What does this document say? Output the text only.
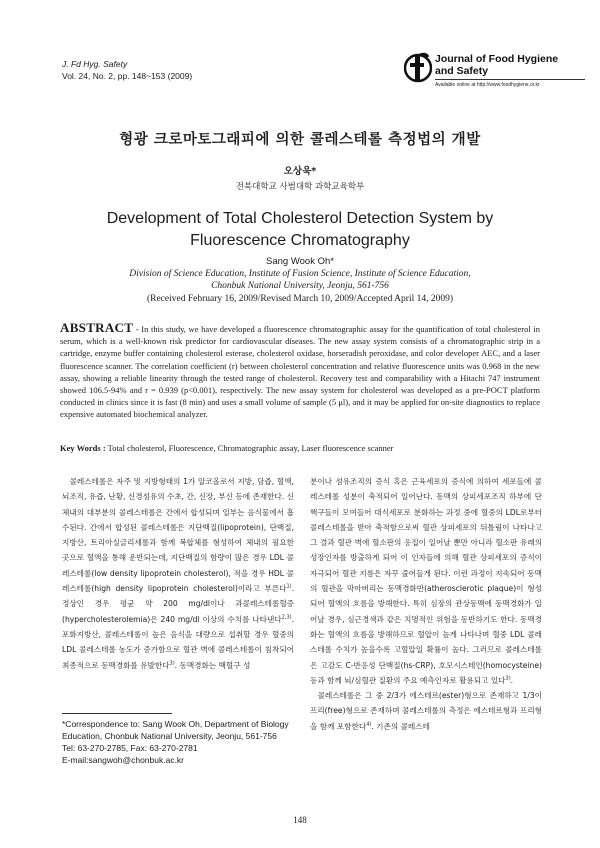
J. Fd Hyg. Safety
Vol. 24, No. 2, pp. 148~153 (2009)
Journal of Food Hygiene
and Safety
Available online at http://www.foodhygiene.or.kr
형광 크로마토그래피에 의한 콜레스테롤 측정법의 개발
오상욱*
전북대학교 사범대학 과학교육학부
Development of Total Cholesterol Detection System by
Fluorescence Chromatography
Sang Wook Oh*
Division of Science Education, Institute of Fusion Science, Institute of Science Education,
Chonbuk National University, Jeonju, 561-756
(Received February 16, 2009/Revised March 10, 2009/Accepted April 14, 2009)
ABSTRACT - In this study, we have developed a fluorescence chromatographic assay for the quantification of total cholesterol in serum, which is a well-known risk predictor for cardiovascular diseases. The new assay system consists of a chromatographic strip in a cartridge, enzyme buffer containing cholesterol esterase, cholesterol oxidase, horseradish peroxidase, and color developer AEC, and a laser fluorescence scanner. The correlation coefficient (r) between cholesterol concentration and relative fluorescence units was 0.968 in the new assay, showing a reliable linearity through the tested range of cholesterol. Recovery test and comparability with a Hitachi 747 instrument showed 106.5-94% and r = 0.939 (p<0.001), respectively. The new assay system for cholesterol was developed as a pre-POCT platform conducted in clinics since it is fast (8 min) and uses a small volume of sample (5 μl), and it may be applied for on-site diagnostics to replace expensive automated biochemical analyzer.
Key Words : Total cholesterol, Fluorescence, Chromatographic assay, Laser fluorescence scanner

콜레스테롤은 자주 및 지방형태의 1가 알코올로서 지방, 담즙, 혈액, 뇌조직, 유즙, 난황, 신경섬유의 수초, 간, 신장, 부신 등에 존재한다. 신체내의 대부분의 콜레스테롤은 간에서 합성되며 일부는 음식물에서 흡수된다. 간에서 합성된 콜레스테롤은 지단백질(lipoprotein), 단백질, 지방산, 트리아실글리세롤과 함께 복합체를 형성하여 체내의 필요한 곳으로 혈액을 통해 운반되는데, 지단백질의 함량이 많은 경우 LDL 콜레스테롤(low density lipoprotein cholesterol), 적을 경우 HDL 콜레스테롤(high density lipoprotein cholesterol)이라고 부른다$^{1)}$. 정상인 경우 평균 약 200 mg/dl이나 과콜레스테롤혈증(hypercholesterolemia)은 240 mg/dl 이상의 수치를 나타낸다$^{2,3)}$. 포화지방산, 콜레스테롤이 높은 음식을 대량으로 섭취할 경우 혈중의 LDL 콜레스테롤 농도가 증가함으로 혈관 벽에 콜레스테롤이 침착되어 최종적으로 동맥경화를 유발한다$^{3)}$. 동맥경화는 백혈구 성

분이나 섬유조직의 증식 혹은 근육세포의 증식에 의하여 세포들에 콜레스테롤 성분이 축적되어 일어난다. 동맥의 상피세포조직 하부에 단핵구들이 모여들어 대식세포로 분화하는 과정 중에 혈중의 LDL로부터 콜레스테롤을 받아 축적함으로써 혈관 상피세포의 뒤틀림이 나타나고 그 결과 혈관 벽에 혈소판의 응집이 일어날 뿐만 아니라 혈소판 유래의 성장인자를 방출하게 되어 이 인자들에 의해 혈관 상피세포의 증식이 자극되어 혈관 지름은 자꾸 줄어들게 된다. 이런 과정이 지속되어 동맥의 혈관을 막아버리는 동맥경화반(atherosclerotic plaque)이 형성되어 혈액의 흐름을 방해한다. 특히 심장의 관상동맥에 동맥경화가 일어날 경우, 심근경색과 같은 치명적인 위험을 동반하기도 한다. 동맥경화는 혈액의 흐름을 방해하므로 혈압이 높게 나타나며 혈중 LDL 콜레스테롤 수치가 높을수록 고혈압일 확률이 높다. 그러므로 콜레스테롤은 고감도 C-반응성 단백질(hs-CRP), 호모시스테인(homocysteine) 등과 함께 뇌/심혈관 질환의 주요 예측인자로 활용되고 있다$^{3)}$.

콜레스테롤은 그 중 2/3가 에스테르(ester)형으로 존재하고 1/3이 프리(free)형으로 존재하며 콜레스테롤의 측정은 에스테르형과 프리형을 함께 포함한다$^{4)}$. 기존의 콜레스테

*Correspondence to: Sang Wook Oh, Department of Biology
Education, Chonbuk National University, Jeonju, 561-756
Tel: 63-270-2785, Fax: 63-270-2781
E-mail:sangwoh@chonbuk.ac.kr
148
